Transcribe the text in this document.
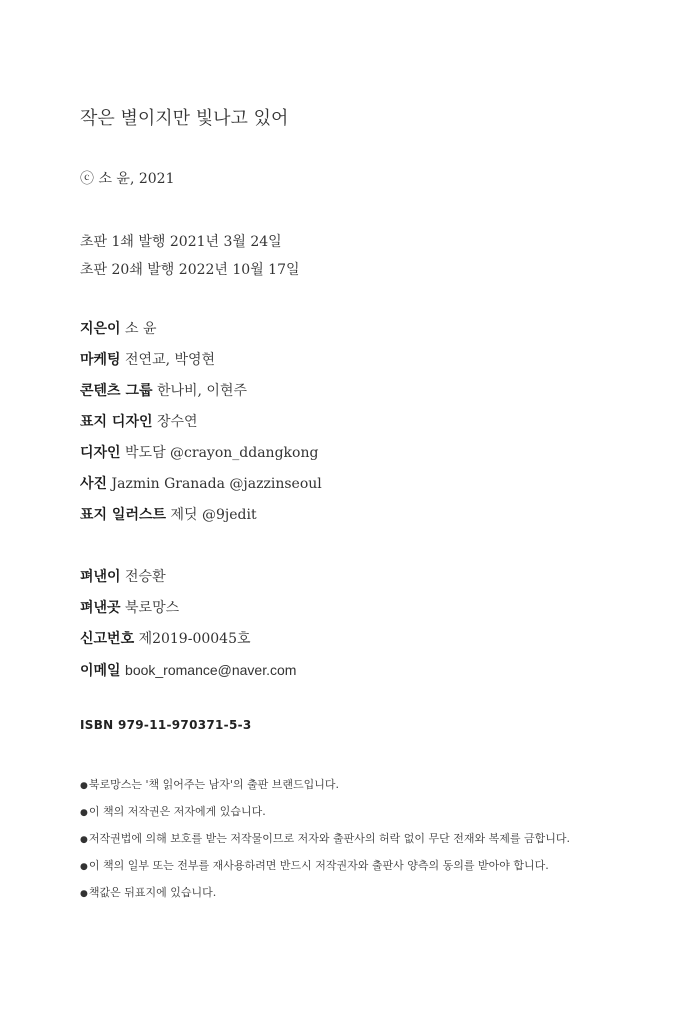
작은 별이지만 빛나고 있어
ⓒ 소 윤, 2021
초판 1쇄 발행 2021년 3월 24일
초판 20쇄 발행 2022년 10월 17일
지은이 소 윤
마케팅 전연교, 박영현
콘텐츠 그룹 한나비, 이현주
표지 디자인 장수연
디자인 박도담 @crayon_ddangkong
사진 Jazmin Granada @jazzinseoul
표지 일러스트 제딧 @9jedit
펴낸이 전승환
펴낸곳 북로망스
신고번호 제2019-00045호
이메일 book_romance@naver.com
ISBN 979-11-970371-5-3
●북로망스는 '책 읽어주는 남자'의 출판 브랜드입니다.
●이 책의 저작권은 저자에게 있습니다.
●저작권법에 의해 보호를 받는 저작물이므로 저자와 출판사의 허락 없이 무단 전재와 복제를 금합니다.
●이 책의 일부 또는 전부를 재사용하려면 반드시 저작권자와 출판사 양측의 동의를 받아야 합니다.
●책값은 뒤표지에 있습니다.
